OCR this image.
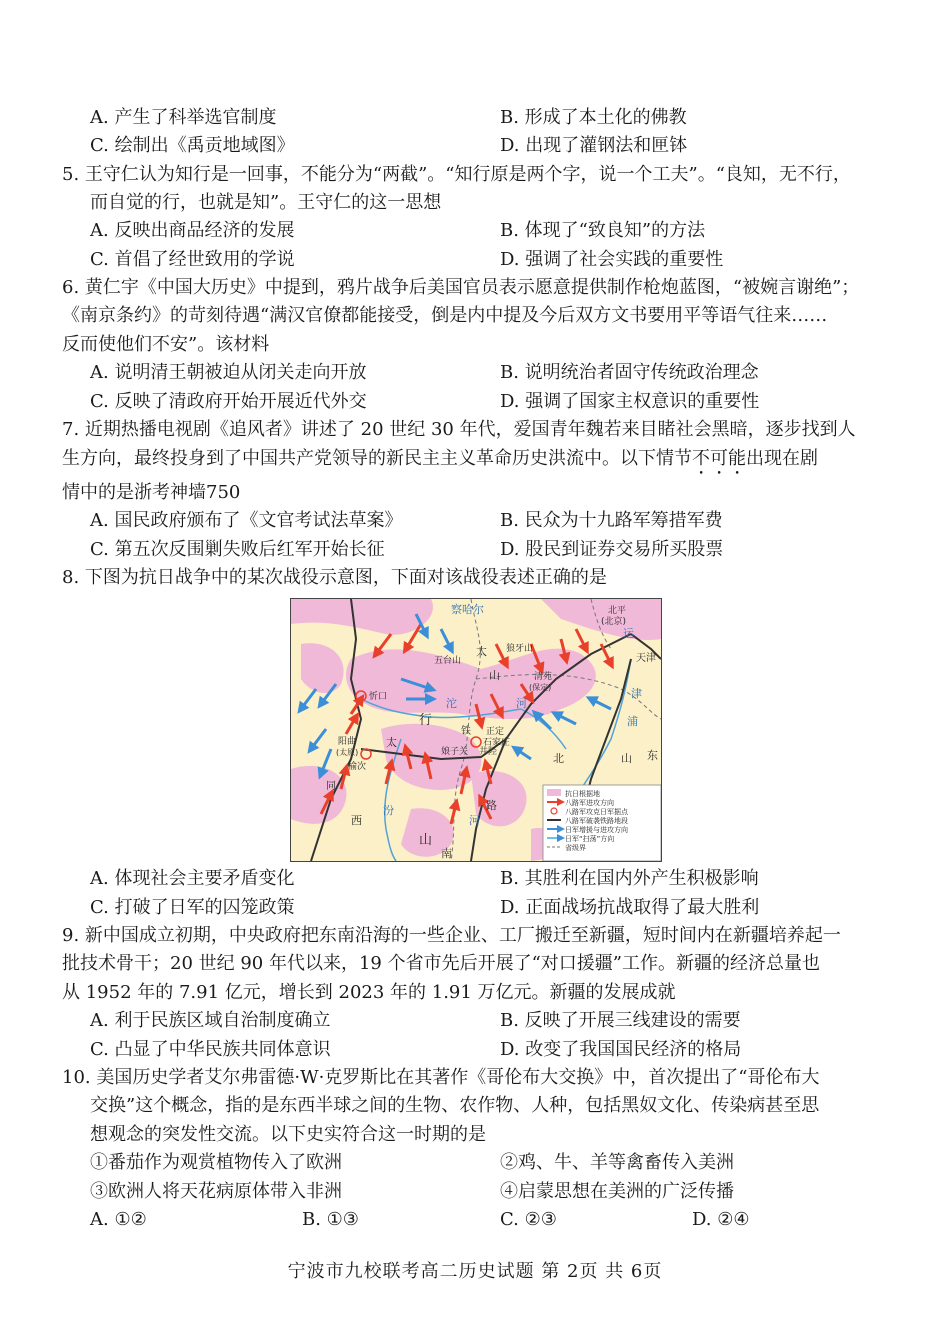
A. 产生了科举选官制度	B. 形成了本土化的佛教
C. 绘制出《禹贡地域图》	D. 出现了灌钢法和匣钵
5. 王守仁认为知行是一回事，不能分为“两截”。“知行原是两个字，说一个工夫”。“良知，无不行，
而自觉的行，也就是知”。王守仁的这一思想
A. 反映出商品经济的发展	B. 体现了“致良知”的方法
C. 首倡了经世致用的学说	D. 强调了社会实践的重要性
6. 黄仁宇《中国大历史》中提到，鸦片战争后美国官员表示愿意提供制作枪炮蓝图，“被婉言谢绝”；
《南京条约》的苛刻待遇“满汉官僚都能接受，倒是内中提及今后双方文书要用平等语气往来……
反而使他们不安”。该材料
A. 说明清王朝被迫从闭关走向开放	B. 说明统治者固守传统政治理念
C. 反映了清政府开始开展近代外交	D. 强调了国家主权意识的重要性
7. 近期热播电视剧《追风者》讲述了 20 世纪 30 年代，爱国青年魏若来目睹社会黑暗，逐步找到人
生方向，最终投身到了中国共产党领导的新民主主义革命历史洪流中。以下情节不可能出现在剧
情中的是浙考神墙750
A. 国民政府颁布了《文官考试法草案》	B. 民众为十九路军筹措军费
C. 第五次反围剿失败后红军开始长征	D. 股民到证券交易所买股票
8. 下图为抗日战争中的某次战役示意图，下面对该战役表述正确的是
察哈尔	北平
(北京)
运
天津
狼牙山
五台山
太
山
忻口
清苑
(保定)
沱	河
津
浦
行
阳曲
(太原)
榆次
娘子关 井陉
正定
石家庄
太
铁
同
北	山 东
西
山
南
河
路
汾
抗日根据地
八路军进攻方向
八路军攻克日军据点
八路军破袭铁路地段
日军增援与进攻方向
日军“扫荡”方向
省级界
A. 体现社会主要矛盾变化	B. 其胜利在国内外产生积极影响
C. 打破了日军的囚笼政策	D. 正面战场抗战取得了最大胜利
9. 新中国成立初期，中央政府把东南沿海的一些企业、工厂搬迁至新疆，短时间内在新疆培养起一
批技术骨干；20 世纪 90 年代以来，19 个省市先后开展了“对口援疆”工作。新疆的经济总量也
从 1952 年的 7.91 亿元，增长到 2023 年的 1.91 万亿元。新疆的发展成就
A. 利于民族区域自治制度确立	B. 反映了开展三线建设的需要
C. 凸显了中华民族共同体意识	D. 改变了我国国民经济的格局
10. 美国历史学者艾尔弗雷德·W·克罗斯比在其著作《哥伦布大交换》中，首次提出了“哥伦布大
交换”这个概念，指的是东西半球之间的生物、农作物、人种，包括黑奴文化、传染病甚至思
想观念的突发性交流。以下史实符合这一时期的是
①番茄作为观赏植物传入了欧洲	②鸡、牛、羊等禽畜传入美洲
③欧洲人将天花病原体带入非洲	④启蒙思想在美洲的广泛传播
A. ①②	B. ①③	C. ②③	D. ②④
宁波市九校联考高二历史试题 第 2页 共 6页
